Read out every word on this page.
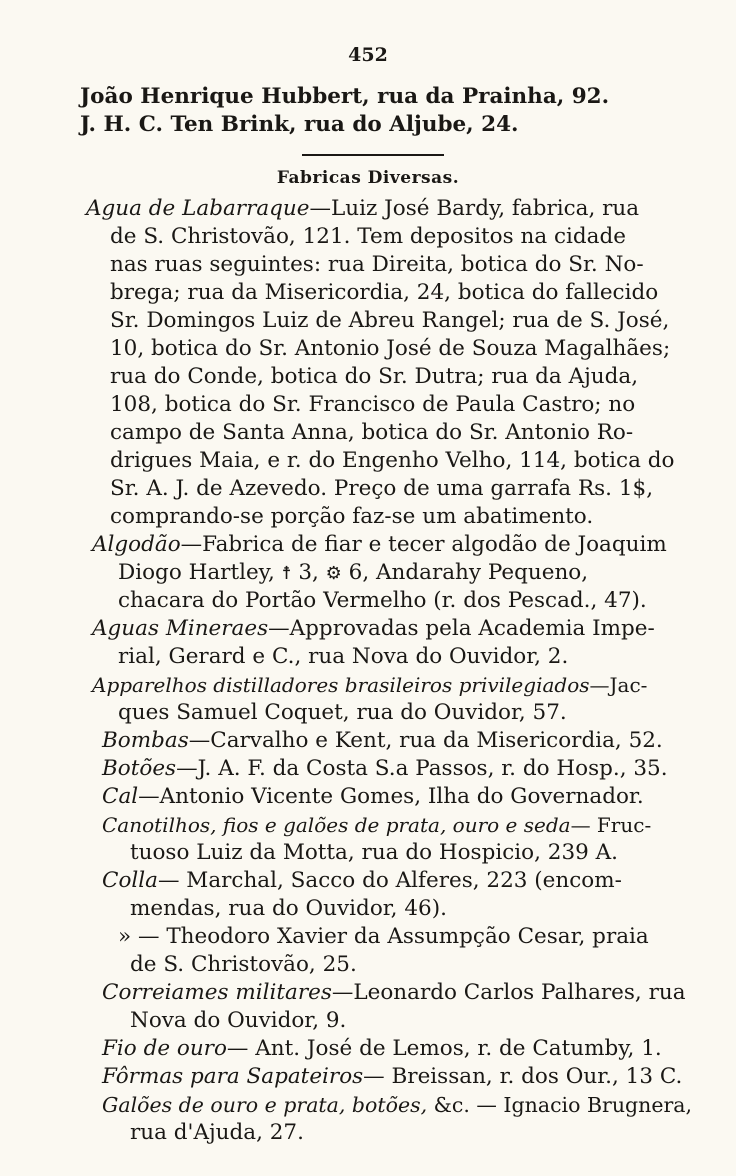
452
João Henrique Hubbert, rua da Prainha, 92.
J. H. C. Ten Brink, rua do Aljube, 24.
Fabricas Diversas.
Agua de Labarraque—Luiz José Bardy, fabrica, rua
de S. Christovão, 121. Tem depositos na cidade
nas ruas seguintes: rua Direita, botica do Sr. No-
brega; rua da Misericordia, 24, botica do fallecido
Sr. Domingos Luiz de Abreu Rangel; rua de S. José,
10, botica do Sr. Antonio José de Souza Magalhães;
rua do Conde, botica do Sr. Dutra; rua da Ajuda,
108, botica do Sr. Francisco de Paula Castro; no
campo de Santa Anna, botica do Sr. Antonio Ro-
drigues Maia, e r. do Engenho Velho, 114, botica do
Sr. A. J. de Azevedo. Preço de uma garrafa Rs. 1$,
comprando-se porção faz-se um abatimento.
Algodão—Fabrica de fiar e tecer algodão de Joaquim
Diogo Hartley, ☨ 3, ⚙ 6, Andarahy Pequeno,
chacara do Portão Vermelho (r. dos Pescad., 47).
Aguas Mineraes—Approvadas pela Academia Impe-
rial, Gerard e C., rua Nova do Ouvidor, 2.
Apparelhos distilladores brasileiros privilegiados—Jac-
ques Samuel Coquet, rua do Ouvidor, 57.
Bombas—Carvalho e Kent, rua da Misericordia, 52.
Botões—J. A. F. da Costa S.a Passos, r. do Hosp., 35.
Cal—Antonio Vicente Gomes, Ilha do Governador.
Canotilhos, fios e galões de prata, ouro e seda— Fruc-
tuoso Luiz da Motta, rua do Hospicio, 239 A.
Colla— Marchal, Sacco do Alferes, 223 (encom-
mendas, rua do Ouvidor, 46).
» — Theodoro Xavier da Assumpção Cesar, praia
de S. Christovão, 25.
Correiames militares—Leonardo Carlos Palhares, rua
Nova do Ouvidor, 9.
Fio de ouro— Ant. José de Lemos, r. de Catumby, 1.
Fôrmas para Sapateiros— Breissan, r. dos Our., 13 C.
Galões de ouro e prata, botões, &c. — Ignacio Brugnera,
rua d'Ajuda, 27.
